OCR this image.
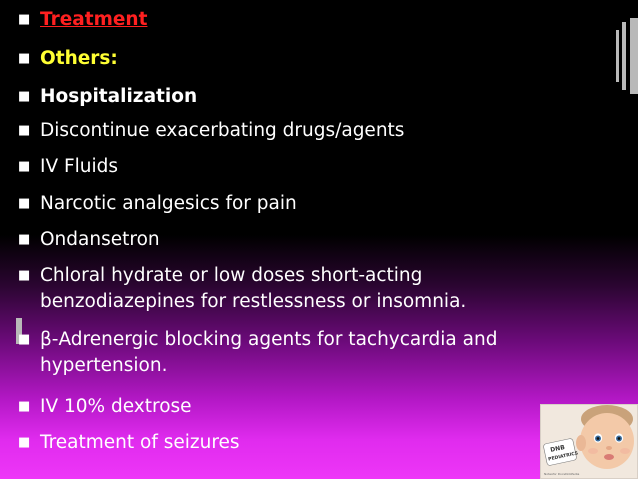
■ Treatment
■ Others:
■ Hospitalization
■ Discontinue exacerbating drugs/agents
■ IV Fluids
■ Narcotic analgesics for pain
■ Ondansetron
■ Chloral hydrate or low doses short-acting
benzodiazepines for restlessness or insomnia.
■ β-Adrenergic blocking agents for tachycardia and
hypertension.
■ IV 10% dextrose
■ Treatment of seizures	DNB
PEDIATRICS
Notesfor DocsDnbPedia
